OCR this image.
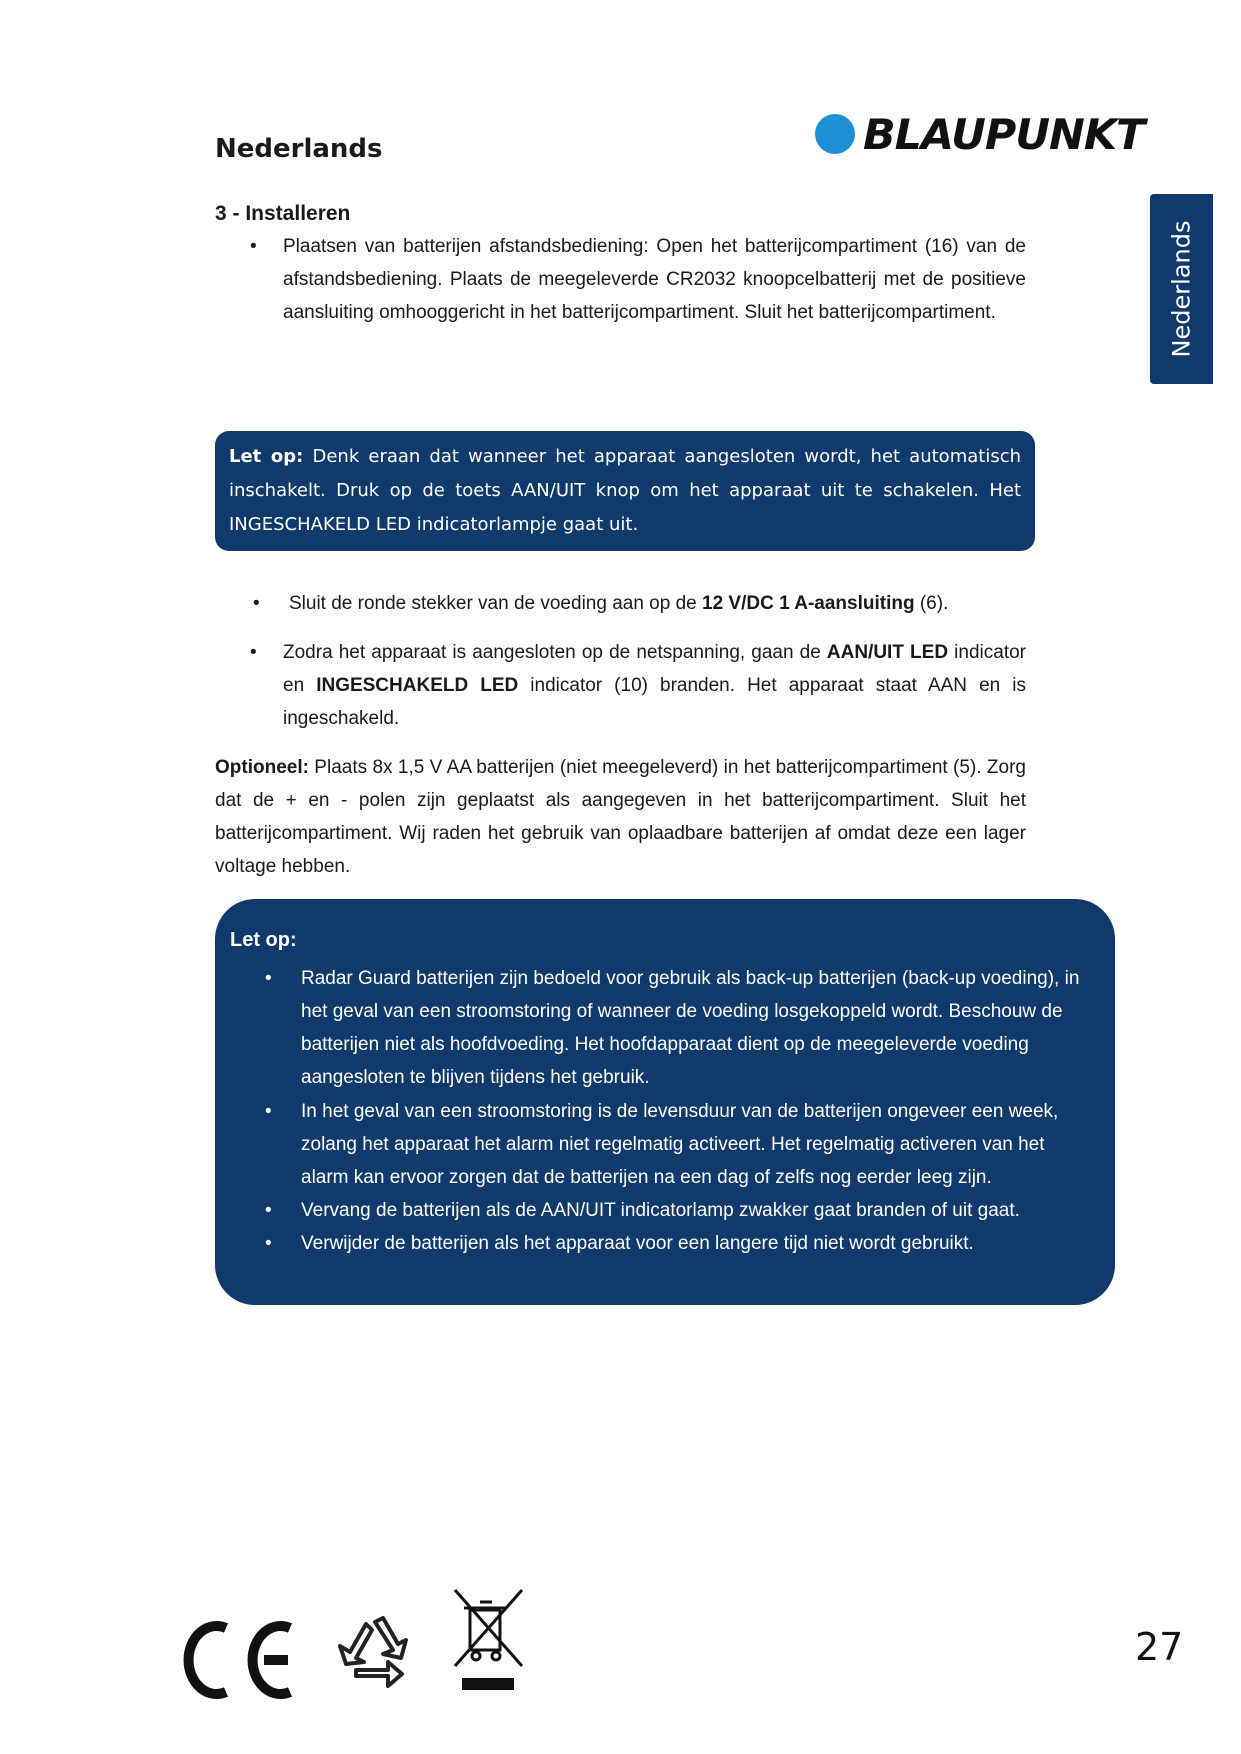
Nederlands	BLAUPUNKT
Nederlands
3 - Installeren
• Plaatsen van batterijen afstandsbediening: Open het batterijcompartiment (16) van de afstandsbediening. Plaats de meegeleverde CR2032 knoopcelbatterij met de positieve aansluiting omhooggericht in het batterijcompartiment. Sluit het batterijcompartiment.

Let op: Denk eraan dat wanneer het apparaat aangesloten wordt, het automatisch inschakelt. Druk op de toets AAN/UIT knop om het apparaat uit te schakelen. Het INGESCHAKELD LED indicatorlampje gaat uit.
• Sluit de ronde stekker van de voeding aan op de 12 V/DC 1 A-aansluiting (6).

• Zodra het apparaat is aangesloten op de netspanning, gaan de AAN/UIT LED indicator en INGESCHAKELD LED indicator (10) branden. Het apparaat staat AAN en is ingeschakeld.

Optioneel: Plaats 8x 1,5 V AA batterijen (niet meegeleverd) in het batterijcompartiment (5). Zorg dat de + en - polen zijn geplaatst als aangegeven in het batterijcompartiment. Sluit het batterijcompartiment. Wij raden het gebruik van oplaadbare batterijen af omdat deze een lager voltage hebben.

Let op:
• Radar Guard batterijen zijn bedoeld voor gebruik als back-up batterijen (back-up voeding), in het geval van een stroomstoring of wanneer de voeding losgekoppeld wordt. Beschouw de batterijen niet als hoofdvoeding. Het hoofdapparaat dient op de meegeleverde voeding aangesloten te blijven tijdens het gebruik.
• In het geval van een stroomstoring is de levensduur van de batterijen ongeveer een week, zolang het apparaat het alarm niet regelmatig activeert. Het regelmatig activeren van het alarm kan ervoor zorgen dat de batterijen na een dag of zelfs nog eerder leeg zijn.
• Vervang de batterijen als de AAN/UIT indicatorlamp zwakker gaat branden of uit gaat.
• Verwijder de batterijen als het apparaat voor een langere tijd niet wordt gebruikt.
27
